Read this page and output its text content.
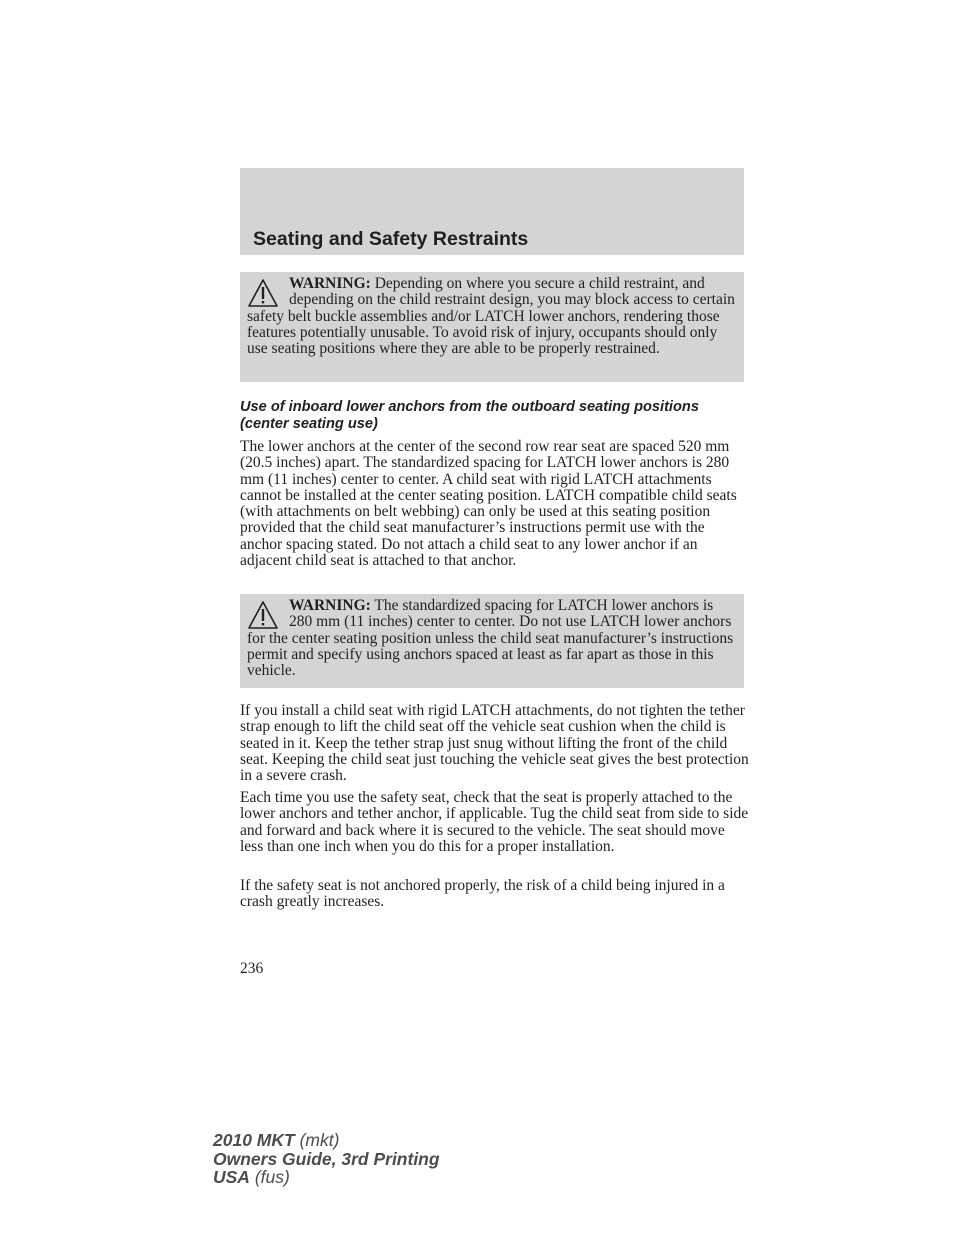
Seating and Safety Restraints
WARNING: Depending on where you secure a child restraint, and depending on the child restraint design, you may block access to certain safety belt buckle assemblies and/or LATCH lower anchors, rendering those features potentially unusable. To avoid risk of injury, occupants should only use seating positions where they are able to be properly restrained.
Use of inboard lower anchors from the outboard seating positions (center seating use)

The lower anchors at the center of the second row rear seat are spaced 520 mm (20.5 inches) apart. The standardized spacing for LATCH lower anchors is 280 mm (11 inches) center to center. A child seat with rigid LATCH attachments cannot be installed at the center seating position. LATCH compatible child seats (with attachments on belt webbing) can only be used at this seating position provided that the child seat manufacturer’s instructions permit use with the anchor spacing stated. Do not attach a child seat to any lower anchor if an adjacent child seat is attached to that anchor.

WARNING: The standardized spacing for LATCH lower anchors is 280 mm (11 inches) center to center. Do not use LATCH lower anchors for the center seating position unless the child seat manufacturer’s instructions permit and specify using anchors spaced at least as far apart as those in this vehicle.

If you install a child seat with rigid LATCH attachments, do not tighten the tether strap enough to lift the child seat off the vehicle seat cushion when the child is seated in it. Keep the tether strap just snug without lifting the front of the child seat. Keeping the child seat just touching the vehicle seat gives the best protection in a severe crash.

Each time you use the safety seat, check that the seat is properly attached to the lower anchors and tether anchor, if applicable. Tug the child seat from side to side and forward and back where it is secured to the vehicle. The seat should move less than one inch when you do this for a proper installation.

If the safety seat is not anchored properly, the risk of a child being injured in a crash greatly increases.

236

2010 MKT (mkt)
Owners Guide, 3rd Printing
USA (fus)
